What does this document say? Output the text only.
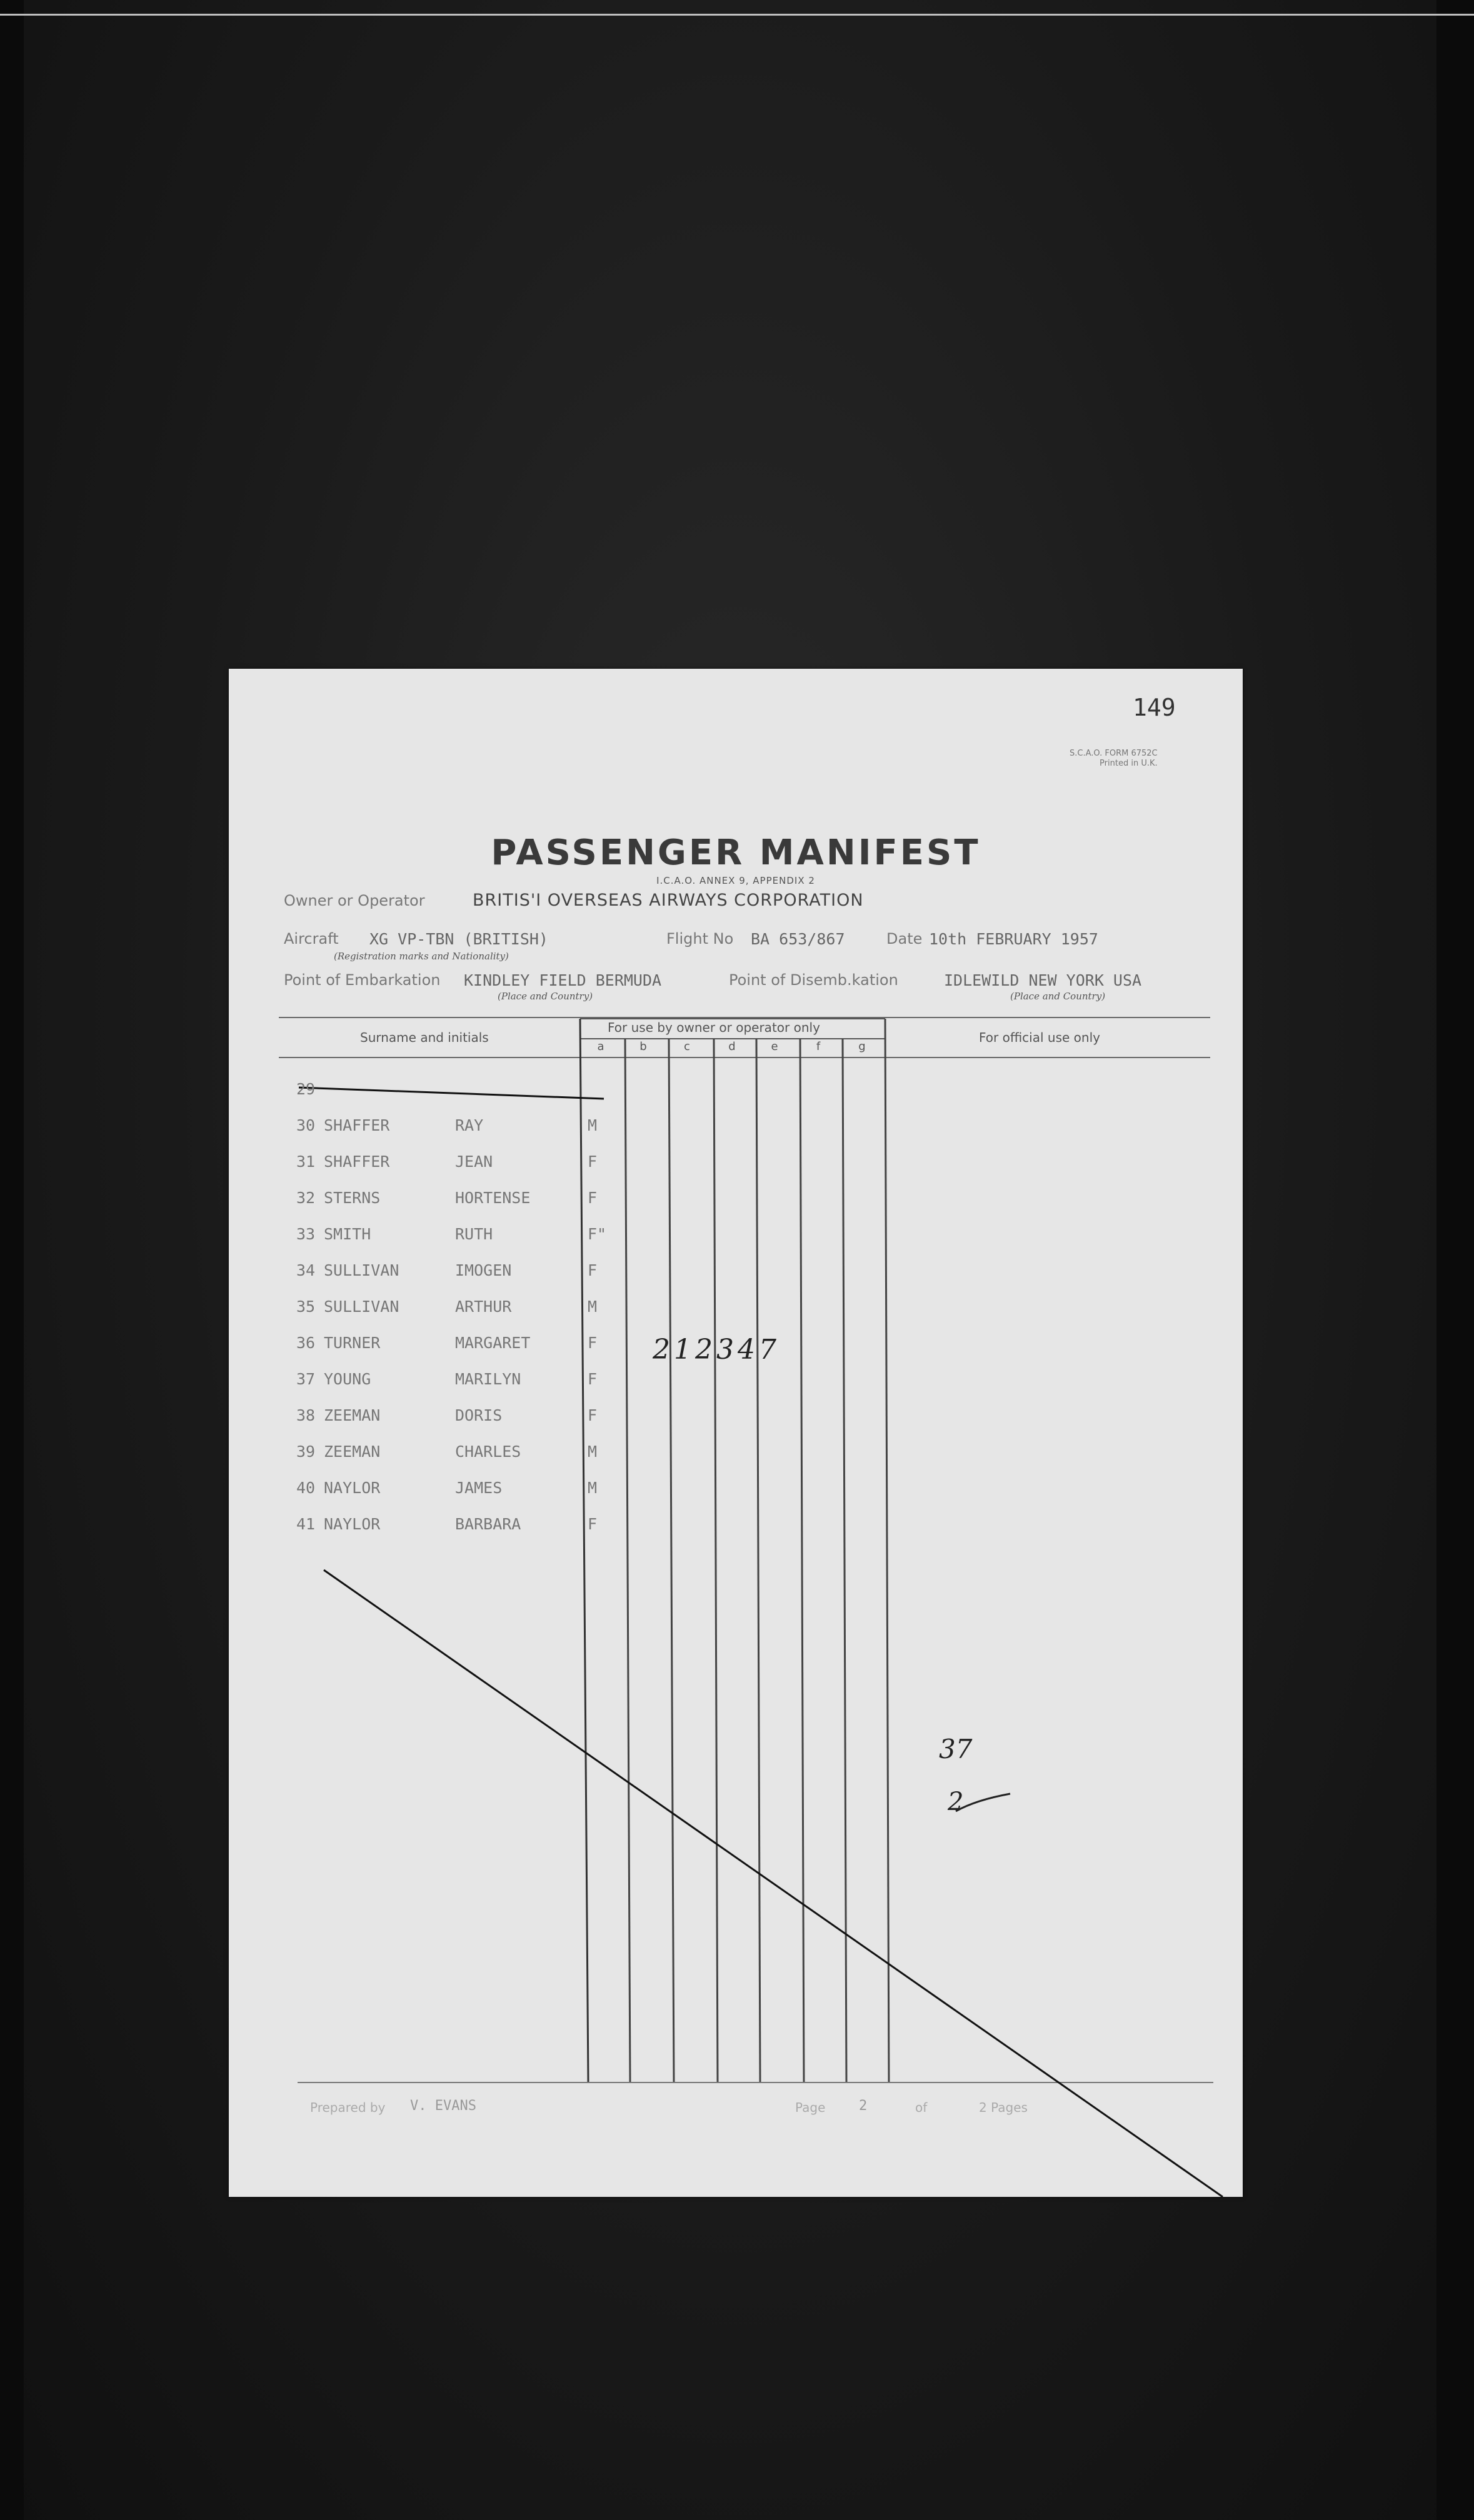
149
S.C.A.O. FORM 6752C
Printed in U.K.
PASSENGER MANIFEST
I.C.A.O. ANNEX 9, APPENDIX 2
Owner or Operator	BRITIS'I OVERSEAS AIRWAYS CORPORATION
Aircraft XG VP-TBN (BRITISH)
(Registration marks and Nationality)
Flight No BA 653/867	Date 10th FEBRUARY 1957
Point of Embarkation KINDLEY FIELD BERMUDA
(Place and Country)
Point of Disemb.kation	IDLEWILD NEW YORK USA
(Place and Country)
Surname and initials
For use by owner or operator only
For official use only
a	b	c	d	e	f	g
29
30 SHAFFER	RAY	M
31 SHAFFER	JEAN	F
32 STERNS	HORTENSE	F
33 SMITH	RUTH	F"
34 SULLIVAN	IMOGEN	F
35 SULLIVAN	ARTHUR	M
36 TURNER	MARGARET	F
37 YOUNG	MARILYN	F
38 ZEEMAN	DORIS	F
39 ZEEMAN	CHARLES	M
40 NAYLOR	JAMES	M
41 NAYLOR	BARBARA	F
212347
37
2
Prepared by V. EVANS	Page 2	of	2 Pages
